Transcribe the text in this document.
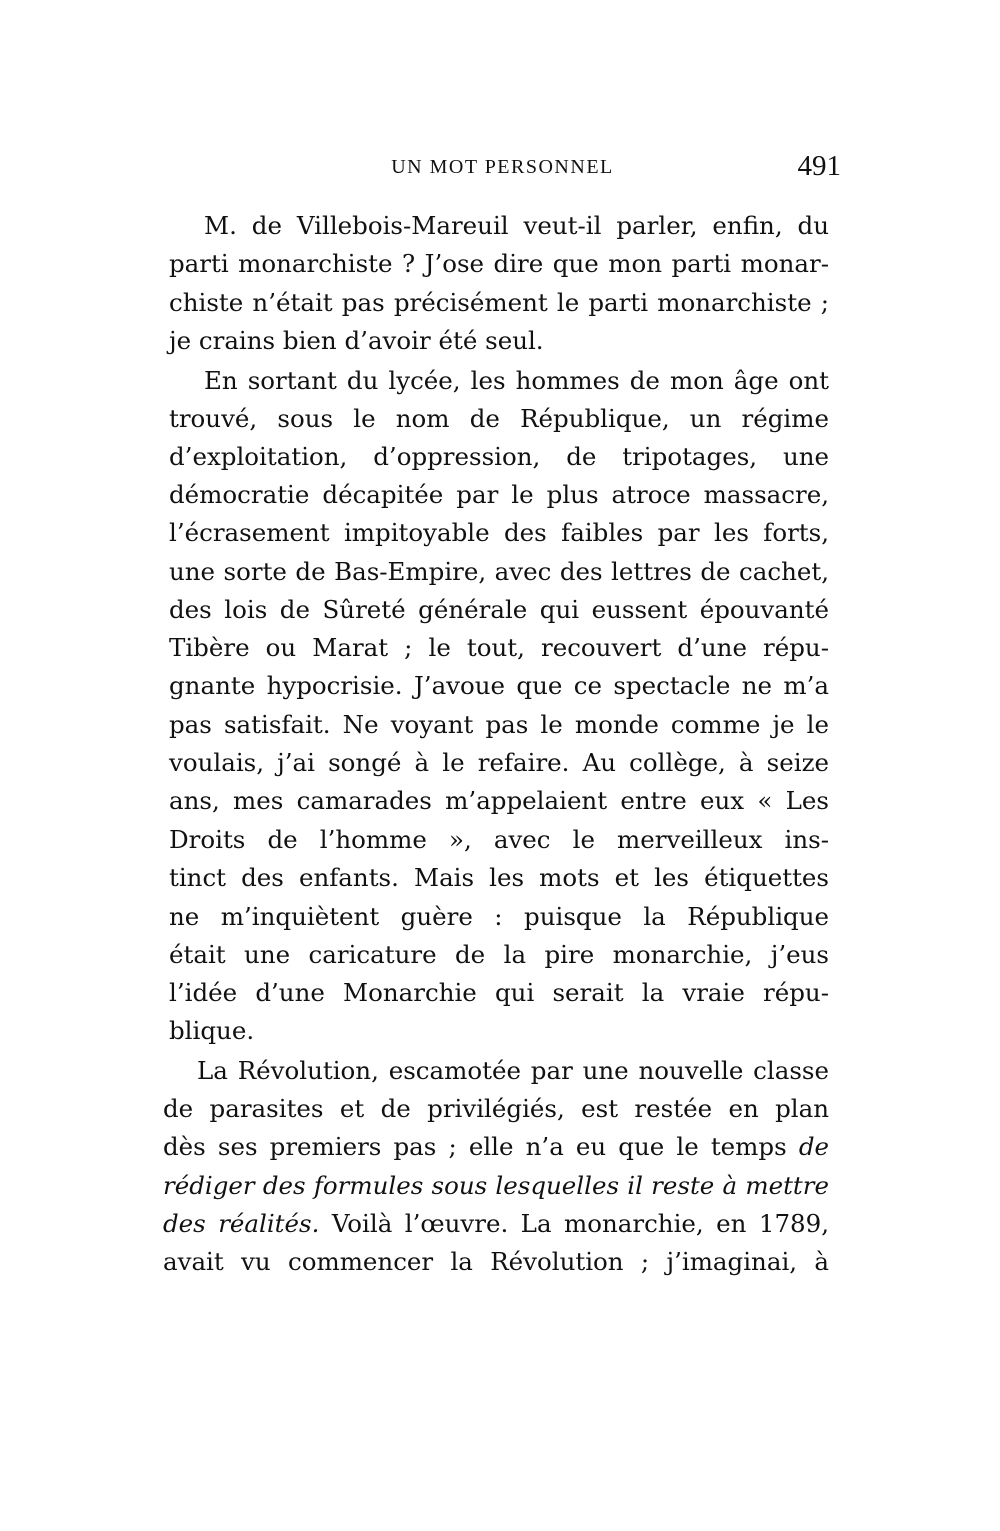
UN MOT PERSONNEL	491
M. de Villebois-Mareuil veut-il parler, enfin, du
parti monarchiste ? J’ose dire que mon parti monar-
chiste n’était pas précisément le parti monarchiste ;
je crains bien d’avoir été seul.
En sortant du lycée, les hommes de mon âge ont
trouvé, sous le nom de République, un régime
d’exploitation, d’oppression, de tripotages, une
démocratie décapitée par le plus atroce massacre,
l’écrasement impitoyable des faibles par les forts,
une sorte de Bas-Empire, avec des lettres de cachet,
des lois de Sûreté générale qui eussent épouvanté
Tibère ou Marat ; le tout, recouvert d’une répu-
gnante hypocrisie. J’avoue que ce spectacle ne m’a
pas satisfait. Ne voyant pas le monde comme je le
voulais, j’ai songé à le refaire. Au collège, à seize
ans, mes camarades m’appelaient entre eux « Les
Droits de l’homme », avec le merveilleux ins-
tinct des enfants. Mais les mots et les étiquettes
ne m’inquiètent guère : puisque la République
était une caricature de la pire monarchie, j’eus
l’idée d’une Monarchie qui serait la vraie répu-
blique.
La Révolution, escamotée par une nouvelle classe
de parasites et de privilégiés, est restée en plan
dès ses premiers pas ; elle n’a eu que le temps de
rédiger des formules sous lesquelles il reste à mettre
des réalités. Voilà l’œuvre. La monarchie, en 1789,
avait vu commencer la Révolution ; j’imaginai, à
